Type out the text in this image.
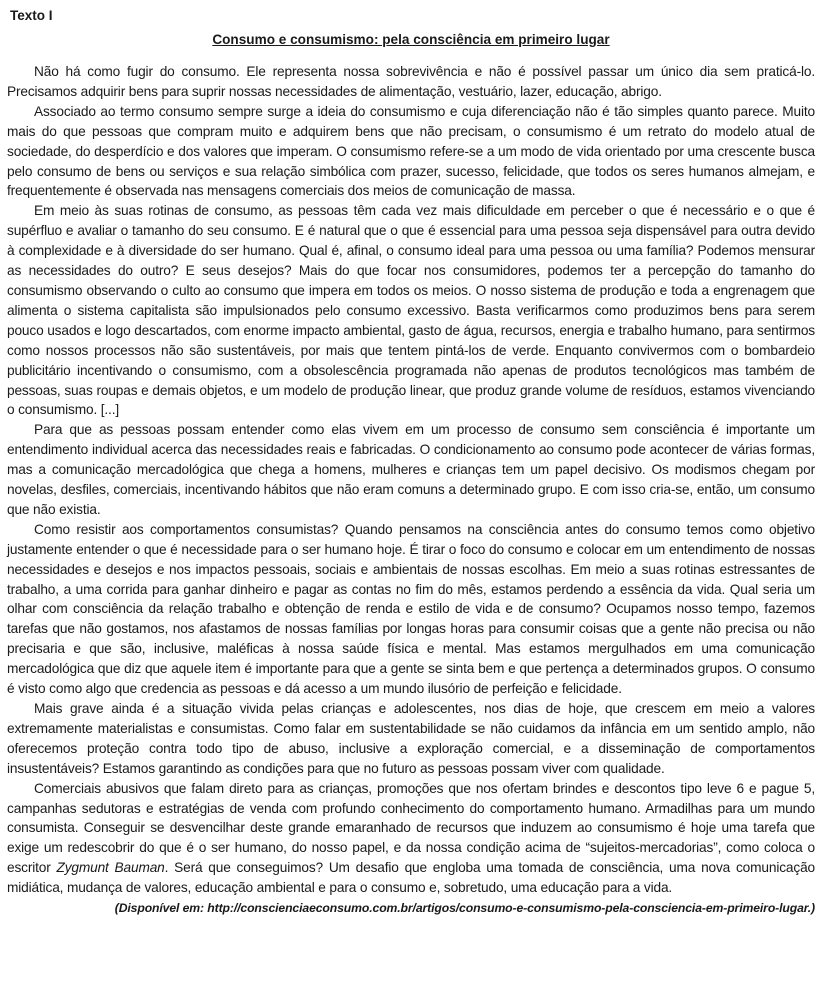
Texto I
Consumo e consumismo: pela consciência em primeiro lugar

Não há como fugir do consumo. Ele representa nossa sobrevivência e não é possível passar um único dia sem praticá-lo. Precisamos adquirir bens para suprir nossas necessidades de alimentação, vestuário, lazer, educação, abrigo.

Associado ao termo consumo sempre surge a ideia do consumismo e cuja diferenciação não é tão simples quanto parece. Muito mais do que pessoas que compram muito e adquirem bens que não precisam, o consumismo é um retrato do modelo atual de sociedade, do desperdício e dos valores que imperam. O consumismo refere-se a um modo de vida orientado por uma crescente busca pelo consumo de bens ou serviços e sua relação simbólica com prazer, sucesso, felicidade, que todos os seres humanos almejam, e frequentemente é observada nas mensagens comerciais dos meios de comunicação de massa.

Em meio às suas rotinas de consumo, as pessoas têm cada vez mais dificuldade em perceber o que é necessário e o que é supérfluo e avaliar o tamanho do seu consumo. E é natural que o que é essencial para uma pessoa seja dispensável para outra devido à complexidade e à diversidade do ser humano. Qual é, afinal, o consumo ideal para uma pessoa ou uma família? Podemos mensurar as necessidades do outro? E seus desejos? Mais do que focar nos consumidores, podemos ter a percepção do tamanho do consumismo observando o culto ao consumo que impera em todos os meios. O nosso sistema de produção e toda a engrenagem que alimenta o sistema capitalista são impulsionados pelo consumo excessivo. Basta verificarmos como produzimos bens para serem pouco usados e logo descartados, com enorme impacto ambiental, gasto de água, recursos, energia e trabalho humano, para sentirmos como nossos processos não são sustentáveis, por mais que tentem pintá-los de verde. Enquanto convivermos com o bombardeio publicitário incentivando o consumismo, com a obsolescência programada não apenas de produtos tecnológicos mas também de pessoas, suas roupas e demais objetos, e um modelo de produção linear, que produz grande volume de resíduos, estamos vivenciando o consumismo. [...]

Para que as pessoas possam entender como elas vivem em um processo de consumo sem consciência é importante um entendimento individual acerca das necessidades reais e fabricadas. O condicionamento ao consumo pode acontecer de várias formas, mas a comunicação mercadológica que chega a homens, mulheres e crianças tem um papel decisivo. Os modismos chegam por novelas, desfiles, comerciais, incentivando hábitos que não eram comuns a determinado grupo. E com isso cria-se, então, um consumo que não existia.

Como resistir aos comportamentos consumistas? Quando pensamos na consciência antes do consumo temos como objetivo justamente entender o que é necessidade para o ser humano hoje. É tirar o foco do consumo e colocar em um entendimento de nossas necessidades e desejos e nos impactos pessoais, sociais e ambientais de nossas escolhas. Em meio a suas rotinas estressantes de trabalho, a uma corrida para ganhar dinheiro e pagar as contas no fim do mês, estamos perdendo a essência da vida. Qual seria um olhar com consciência da relação trabalho e obtenção de renda e estilo de vida e de consumo? Ocupamos nosso tempo, fazemos tarefas que não gostamos, nos afastamos de nossas famílias por longas horas para consumir coisas que a gente não precisa ou não precisaria e que são, inclusive, maléficas à nossa saúde física e mental. Mas estamos mergulhados em uma comunicação mercadológica que diz que aquele item é importante para que a gente se sinta bem e que pertença a determinados grupos. O consumo é visto como algo que credencia as pessoas e dá acesso a um mundo ilusório de perfeição e felicidade.

Mais grave ainda é a situação vivida pelas crianças e adolescentes, nos dias de hoje, que crescem em meio a valores extremamente materialistas e consumistas. Como falar em sustentabilidade se não cuidamos da infância em um sentido amplo, não oferecemos proteção contra todo tipo de abuso, inclusive a exploração comercial, e a disseminação de comportamentos insustentáveis? Estamos garantindo as condições para que no futuro as pessoas possam viver com qualidade.

Comerciais abusivos que falam direto para as crianças, promoções que nos ofertam brindes e descontos tipo leve 6 e pague 5, campanhas sedutoras e estratégias de venda com profundo conhecimento do comportamento humano. Armadilhas para um mundo consumista. Conseguir se desvencilhar deste grande emaranhado de recursos que induzem ao consumismo é hoje uma tarefa que exige um redescobrir do que é o ser humano, do nosso papel, e da nossa condição acima de “sujeitos-mercadorias”, como coloca o escritor Zygmunt Bauman. Será que conseguimos? Um desafio que engloba uma tomada de consciência, uma nova comunicação midiática, mudança de valores, educação ambiental e para o consumo e, sobretudo, uma educação para a vida.

(Disponível em: http://conscienciaeconsumo.com.br/artigos/consumo-e-consumismo-pela-consciencia-em-primeiro-lugar.)
